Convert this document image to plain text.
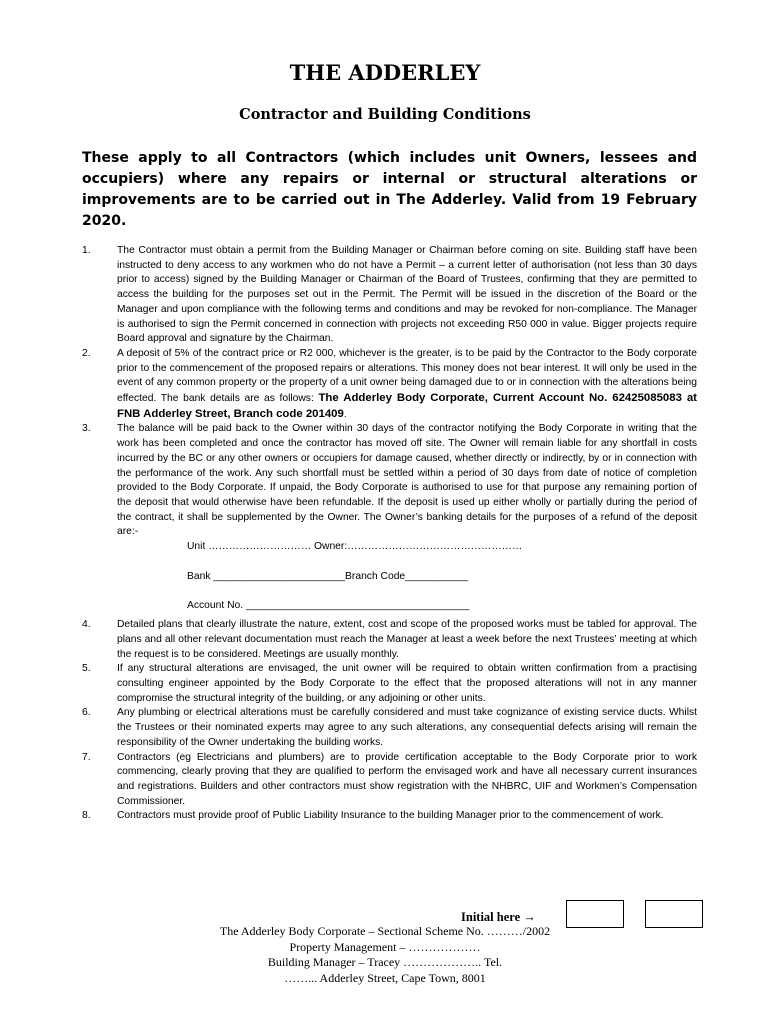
THE ADDERLEY
Contractor and Building Conditions
These apply to all Contractors (which includes unit Owners, lessees and occupiers) where any repairs or internal or structural alterations or improvements are to be carried out in The Adderley. Valid from 19 February 2020.
1.	The Contractor must obtain a permit from the Building Manager or Chairman before coming on site. Building staff have been instructed to deny access to any workmen who do not have a Permit – a current letter of authorisation (not less than 30 days prior to access) signed by the Building Manager or Chairman of the Board of Trustees, confirming that they are permitted to access the building for the purposes set out in the Permit. The Permit will be issued in the discretion of the Board or the Manager and upon compliance with the following terms and conditions and may be revoked for non-compliance. The Manager is authorised to sign the Permit concerned in connection with projects not exceeding R50 000 in value. Bigger projects require Board approval and signature by the Chairman.
2.	A deposit of 5% of the contract price or R2 000, whichever is the greater, is to be paid by the Contractor to the Body corporate prior to the commencement of the proposed repairs or alterations. This money does not bear interest. It will only be used in the event of any common property or the property of a unit owner being damaged due to or in connection with the alterations being effected. The bank details are as follows: The Adderley Body Corporate, Current Account No. 62425085083 at FNB Adderley Street, Branch code 201409.
3.	The balance will be paid back to the Owner within 30 days of the contractor notifying the Body Corporate in writing that the work has been completed and once the contractor has moved off site. The Owner will remain liable for any shortfall in costs incurred by the BC or any other owners or occupiers for damage caused, whether directly or indirectly, by or in connection with the performance of the work. Any such shortfall must be settled within a period of 30 days from date of notice of completion provided to the Body Corporate. If unpaid, the Body Corporate is authorised to use for that purpose any remaining portion of the deposit that would otherwise have been refundable. If the deposit is used up either wholly or partially during the period of the contract, it shall be supplemented by the Owner. The Owner’s banking details for the purposes of a refund of the deposit are:-
Unit ………………………… Owner:……………………………………………
Bank _______________________Branch Code___________
Account No. _______________________________________
4.	Detailed plans that clearly illustrate the nature, extent, cost and scope of the proposed works must be tabled for approval. The plans and all other relevant documentation must reach the Manager at least a week before the next Trustees’ meeting at which the request is to be considered. Meetings are usually monthly.
5.	If any structural alterations are envisaged, the unit owner will be required to obtain written confirmation from a practising consulting engineer appointed by the Body Corporate to the effect that the proposed alterations will not in any manner compromise the structural integrity of the building, or any adjoining or other units.
6.	Any plumbing or electrical alterations must be carefully considered and must take cognizance of existing service ducts. Whilst the Trustees or their nominated experts may agree to any such alterations, any consequential defects arising will remain the responsibility of the Owner undertaking the building works.
7.	Contractors (eg Electricians and plumbers) are to provide certification acceptable to the Body Corporate prior to work commencing, clearly proving that they are qualified to perform the envisaged work and have all necessary current insurances and registrations. Builders and other contractors must show registration with the NHBRC, UIF and Workmen’s Compensation Commissioner.
8.	Contractors must provide proof of Public Liability Insurance to the building Manager prior to the commencement of work.
The Adderley Body Corporate – Sectional Scheme No. ………/2002
Property Management – ………………
Building Manager – Tracey ……………….. Tel.
……... Adderley Street, Cape Town, 8001
Initial here →
